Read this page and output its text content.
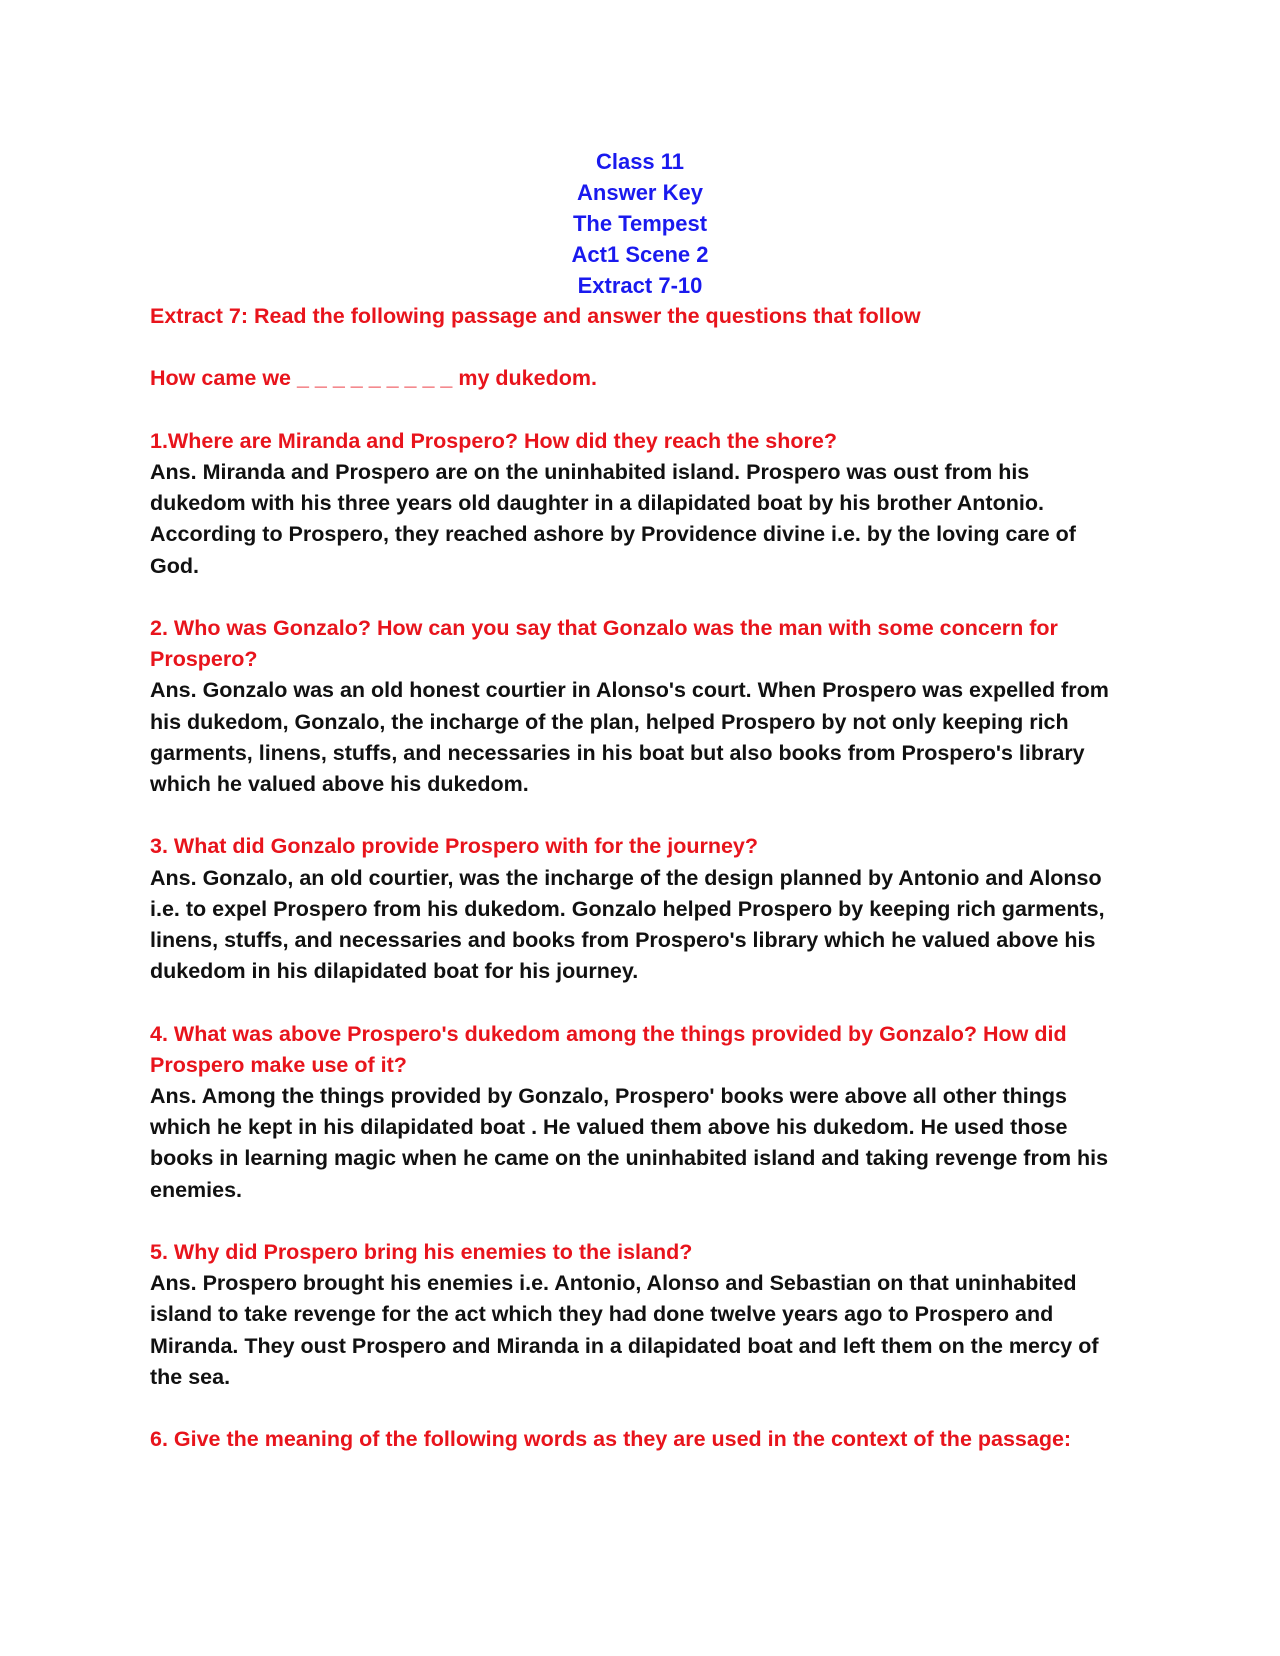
Class 11
Answer Key
The Tempest
Act1 Scene 2
Extract 7-10

Extract 7: Read the following passage and answer the questions that follow

How came we _ _ _ _ _ _ _ _ _ my dukedom.

1.Where are Miranda and Prospero? How did they reach the shore?

Ans. Miranda and Prospero are on the uninhabited island. Prospero was oust from his dukedom with his three years old daughter in a dilapidated boat by his brother Antonio. According to Prospero, they reached ashore by Providence divine i.e. by the loving care of God.

2. Who was Gonzalo? How can you say that Gonzalo was the man with some concern for Prospero?

Ans. Gonzalo was an old honest courtier in Alonso's court. When Prospero was expelled from his dukedom, Gonzalo, the incharge of the plan, helped Prospero by not only keeping rich garments, linens, stuffs, and necessaries in his boat but also books from Prospero's library which he valued above his dukedom.

3. What did Gonzalo provide Prospero with for the journey?

Ans. Gonzalo, an old courtier, was the incharge of the design planned by Antonio and Alonso i.e. to expel Prospero from his dukedom. Gonzalo helped Prospero by keeping rich garments, linens, stuffs, and necessaries and books from Prospero's library which he valued above his dukedom in his dilapidated boat for his journey.

4. What was above Prospero's dukedom among the things provided by Gonzalo? How did Prospero make use of it?

Ans. Among the things provided by Gonzalo, Prospero' books were above all other things which he kept in his dilapidated boat . He valued them above his dukedom. He used those books in learning magic when he came on the uninhabited island and taking revenge from his enemies.

5. Why did Prospero bring his enemies to the island?

Ans. Prospero brought his enemies i.e. Antonio, Alonso and Sebastian on that uninhabited island to take revenge for the act which they had done twelve years ago to Prospero and Miranda. They oust Prospero and Miranda in a dilapidated boat and left them on the mercy of the sea.

6. Give the meaning of the following words as they are used in the context of the passage:
